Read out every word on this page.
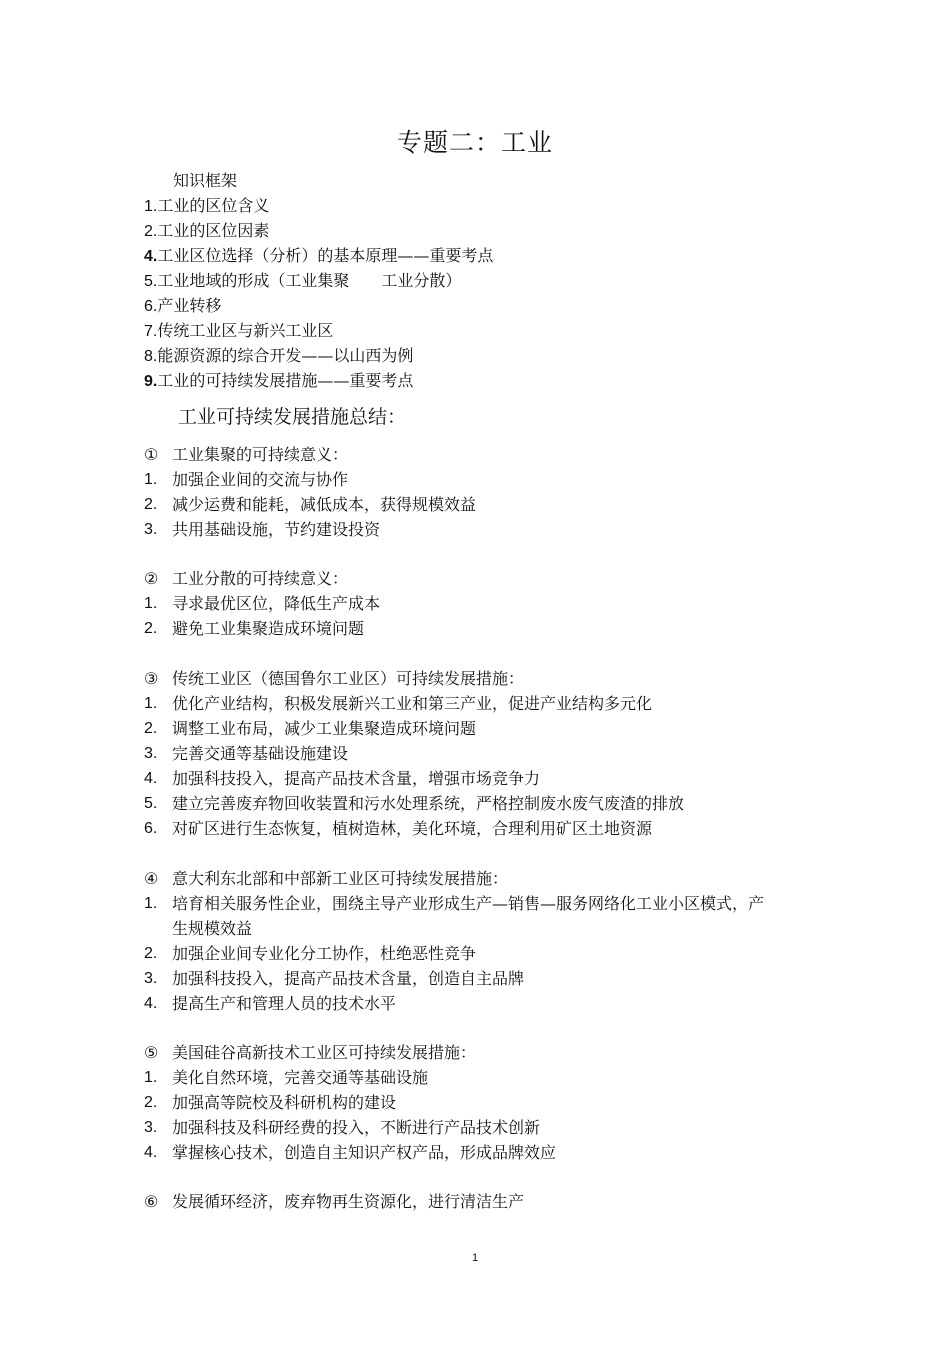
专题二：工业
知识框架
1.工业的区位含义
2.工业的区位因素
4.工业区位选择（分析）的基本原理——重要考点
5.工业地域的形成（工业集聚　　工业分散）
6.产业转移
7.传统工业区与新兴工业区
8.能源资源的综合开发——以山西为例
9.工业的可持续发展措施——重要考点
工业可持续发展措施总结：
① 工业集聚的可持续意义：
1. 加强企业间的交流与协作
2. 减少运费和能耗，减低成本，获得规模效益
3. 共用基础设施，节约建设投资
② 工业分散的可持续意义：
1. 寻求最优区位，降低生产成本
2. 避免工业集聚造成环境问题
③ 传统工业区（德国鲁尔工业区）可持续发展措施：
1. 优化产业结构，积极发展新兴工业和第三产业，促进产业结构多元化
2. 调整工业布局，减少工业集聚造成环境问题
3. 完善交通等基础设施建设
4. 加强科技投入，提高产品技术含量，增强市场竞争力
5. 建立完善废弃物回收装置和污水处理系统，严格控制废水废气废渣的排放
6. 对矿区进行生态恢复，植树造林，美化环境，合理利用矿区土地资源
④ 意大利东北部和中部新工业区可持续发展措施：
1. 培育相关服务性企业，围绕主导产业形成生产—销售—服务网络化工业小区模式，产生规模效益
2. 加强企业间专业化分工协作，杜绝恶性竞争
3. 加强科技投入，提高产品技术含量，创造自主品牌
4. 提高生产和管理人员的技术水平
⑤ 美国硅谷高新技术工业区可持续发展措施：
1. 美化自然环境，完善交通等基础设施
2. 加强高等院校及科研机构的建设
3. 加强科技及科研经费的投入，不断进行产品技术创新
4. 掌握核心技术，创造自主知识产权产品，形成品牌效应
⑥ 发展循环经济，废弃物再生资源化，进行清洁生产
1
